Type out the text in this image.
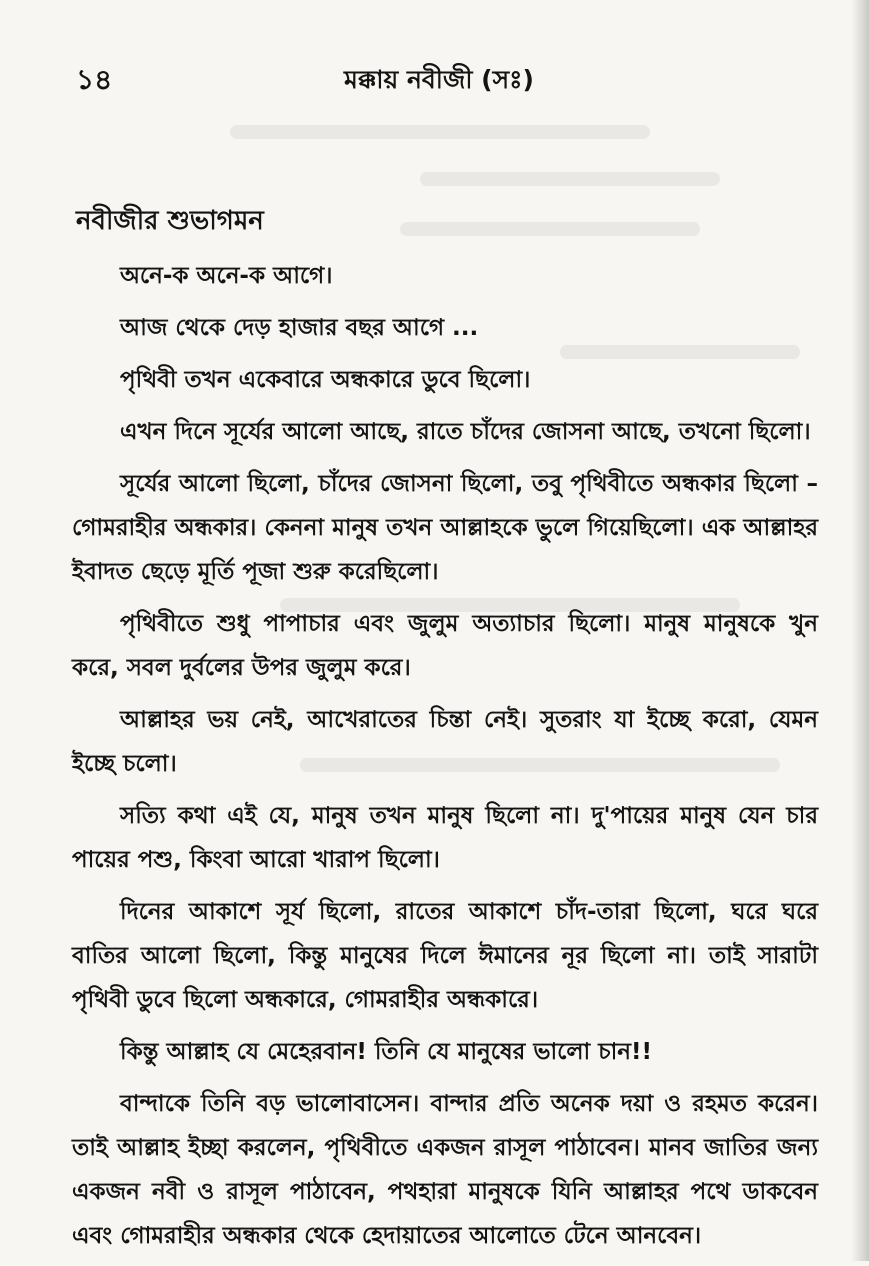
১৪	মক্কায় নবীজী (সঃ)
নবীজীর শুভাগমন

অনে-ক অনে-ক আগে।

আজ থেকে দেড় হাজার বছর আগে ...

পৃথিবী তখন একেবারে অন্ধকারে ডুবে ছিলো।

এখন দিনে সূর্যের আলো আছে, রাতে চাঁদের জোসনা আছে, তখনো ছিলো।

সূর্যের আলো ছিলো, চাঁদের জোসনা ছিলো, তবু পৃথিবীতে অন্ধকার ছিলো – গোমরাহীর অন্ধকার। কেননা মানুষ তখন আল্লাহকে ভুলে গিয়েছিলো। এক আল্লাহর ইবাদত ছেড়ে মূর্তি পূজা শুরু করেছিলো।

পৃথিবীতে শুধু পাপাচার এবং জুলুম অত্যাচার ছিলো। মানুষ মানুষকে খুন করে, সবল দুর্বলের উপর জুলুম করে।

আল্লাহর ভয় নেই, আখেরাতের চিন্তা নেই। সুতরাং যা ইচ্ছে করো, যেমন ইচ্ছে চলো।

সত্যি কথা এই যে, মানুষ তখন মানুষ ছিলো না। দু'পায়ের মানুষ যেন চার পায়ের পশু, কিংবা আরো খারাপ ছিলো।

দিনের আকাশে সূর্য ছিলো, রাতের আকাশে চাঁদ-তারা ছিলো, ঘরে ঘরে বাতির আলো ছিলো, কিন্তু মানুষের দিলে ঈমানের নূর ছিলো না। তাই সারাটা পৃথিবী ডুবে ছিলো অন্ধকারে, গোমরাহীর অন্ধকারে।

কিন্তু আল্লাহ যে মেহেরবান! তিনি যে মানুষের ভালো চান!!

বান্দাকে তিনি বড় ভালোবাসেন। বান্দার প্রতি অনেক দয়া ও রহমত করেন। তাই আল্লাহ ইচ্ছা করলেন, পৃথিবীতে একজন রাসূল পাঠাবেন। মানব জাতির জন্য একজন নবী ও রাসূল পাঠাবেন, পথহারা মানুষকে যিনি আল্লাহর পথে ডাকবেন এবং গোমরাহীর অন্ধকার থেকে হেদায়াতের আলোতে টেনে আনবেন।
